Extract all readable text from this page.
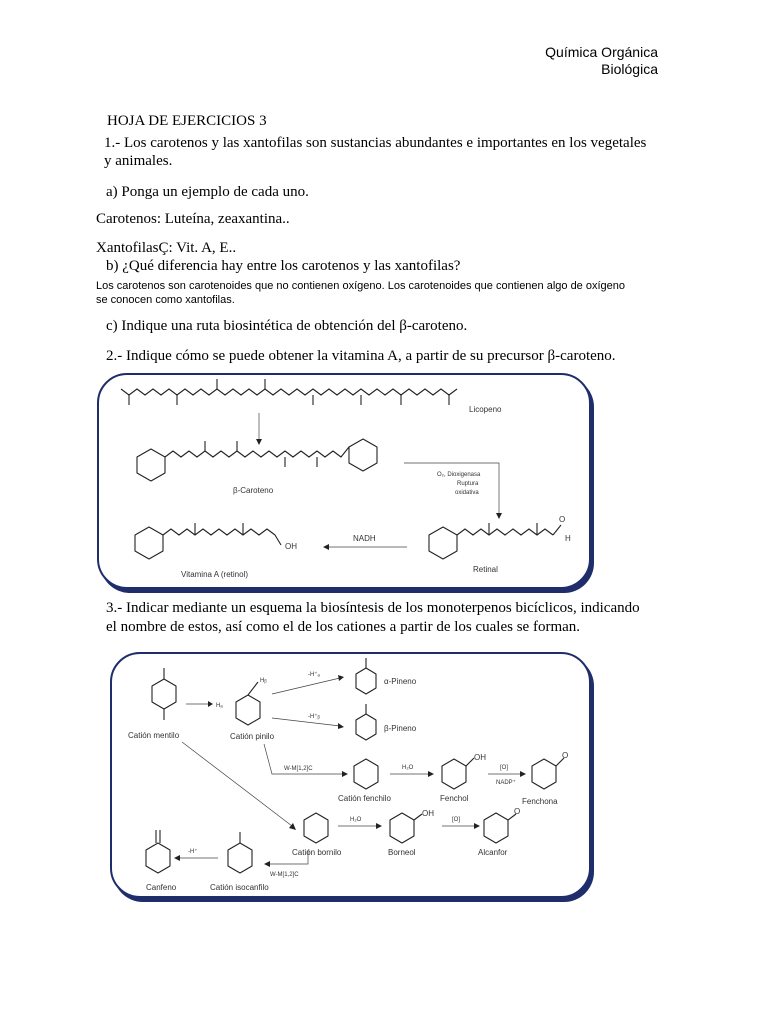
Química Orgánica
Biológica
HOJA DE EJERCICIOS 3
1.- Los carotenos y las xantofilas son sustancias abundantes e importantes en los vegetales
y animales.
a) Ponga un ejemplo de cada uno.
Carotenos: Luteína, zeaxantina..
XantofilasÇ: Vit. A, E..
b) ¿Qué diferencia hay entre los carotenos y las xantofilas?
Los carotenos son carotenoides que no contienen oxígeno. Los carotenoides que contienen algo de oxígeno
se conocen como xantofilas.
c) Indique una ruta biosintética de obtención del β-caroteno.
2.- Indique cómo se puede obtener la vitamina A, a partir de su precursor β-caroteno.
Licopeno
β-Caroteno
O₂, Dioxigenasa
Ruptura
oxidativa
O
H
Retinal
NADH
OH
Vitamina A (retinol)
3.- Indicar mediante un esquema la biosíntesis de los monoterpenos bicíclicos, indicando
el nombre de estos, así como el de los cationes a partir de los cuales se forman.
Catión mentilo
Hₐ
Hᵦ
Catión pinilo
-H⁺ₐ
α-Pineno
-H⁺ᵦ
β-Pineno
W-M[1,2]C
Catión fenchilo
H₂O
OH
Fenchol
[O]
NADP⁺
O
Fenchona
Catión bornilo
H₂O
OH
Borneol
[O]
O
Alcanfor
W-M[1,2]C
Catión isocanfilo
-H⁺
Canfeno
